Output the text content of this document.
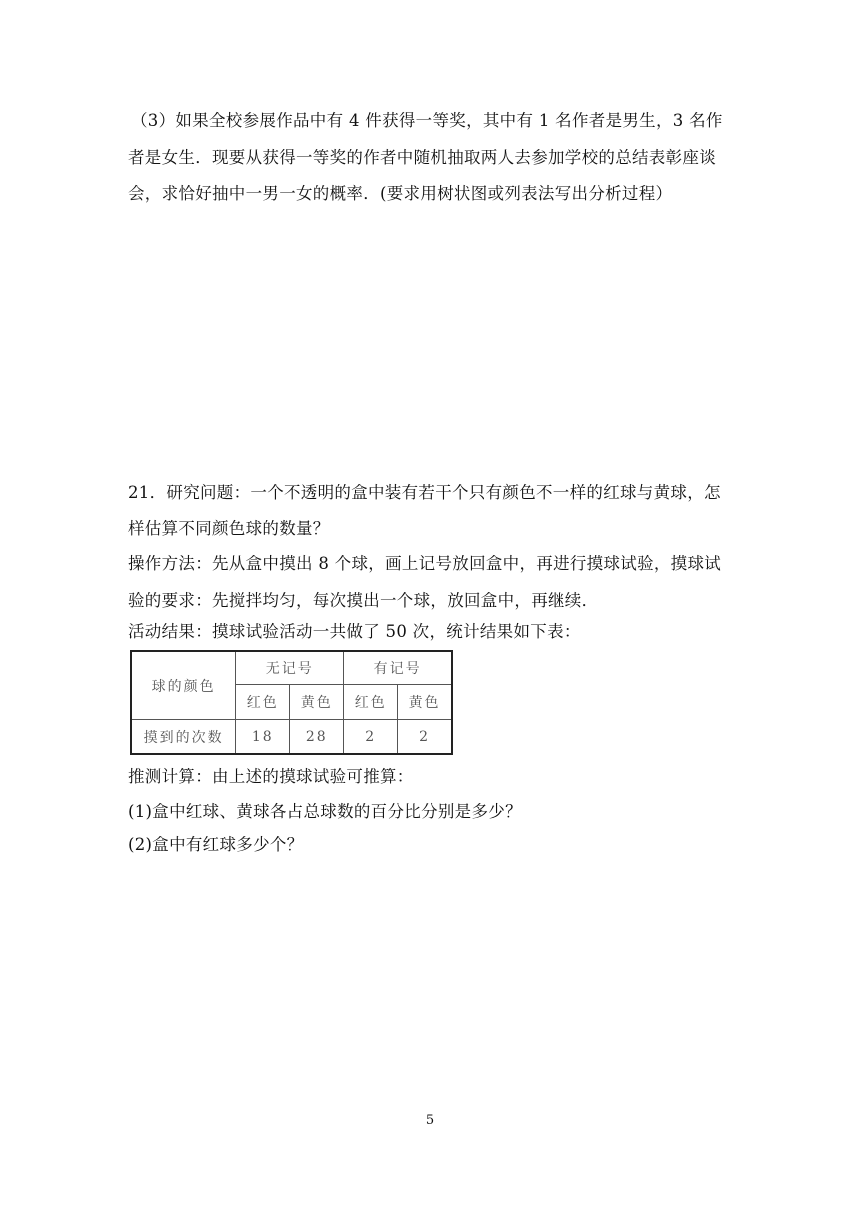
（3）如果全校参展作品中有 4 件获得一等奖，其中有 1 名作者是男生，3 名作
者是女生．现要从获得一等奖的作者中随机抽取两人去参加学校的总结表彰座谈
会，求恰好抽中一男一女的概率．(要求用树状图或列表法写出分析过程）
21．研究问题：一个不透明的盒中装有若干个只有颜色不一样的红球与黄球，怎
样估算不同颜色球的数量？
操作方法：先从盒中摸出 8 个球，画上记号放回盒中，再进行摸球试验，摸球试
验的要求：先搅拌均匀，每次摸出一个球，放回盒中，再继续．
活动结果：摸球试验活动一共做了 50 次，统计结果如下表：
球的颜色	无记号		有记号	
	红色	黄色	红色	黄色
摸到的次数	18	28	2	2
推测计算：由上述的摸球试验可推算：
(1)盒中红球、黄球各占总球数的百分比分别是多少？
(2)盒中有红球多少个？
5
